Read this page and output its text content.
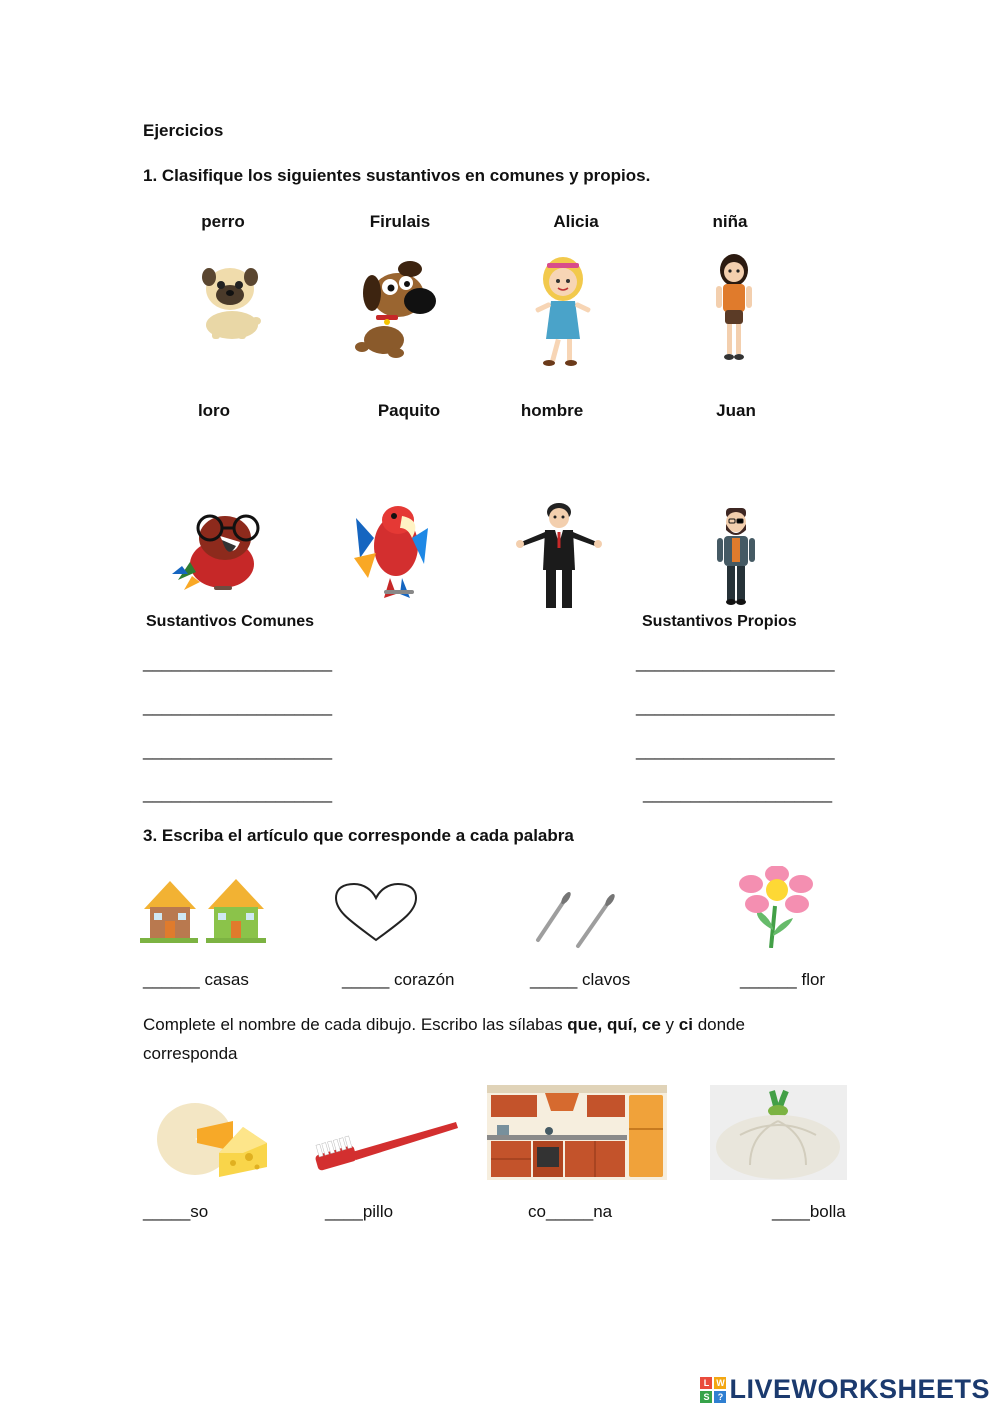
Ejercicios
1. Clasifique los siguientes sustantivos en comunes y propios.
perro	Firulais	Alicia	niña
loro	Paquito	hombre	Juan
Sustantivos Comunes	Sustantivos Propios
____________________
____________________
____________________
____________________
_____________________
_____________________
_____________________
____________________
3. Escriba el artículo que corresponde a cada palabra
______ casas	_____ corazón	_____ clavos	______ flor
Complete el nombre de cada dibujo. Escribo las sílabas que, quí, ce y ci donde
corresponda
_____so	____pillo	co_____na	____bolla
L W
S ? LIVEWORKSHEETS
